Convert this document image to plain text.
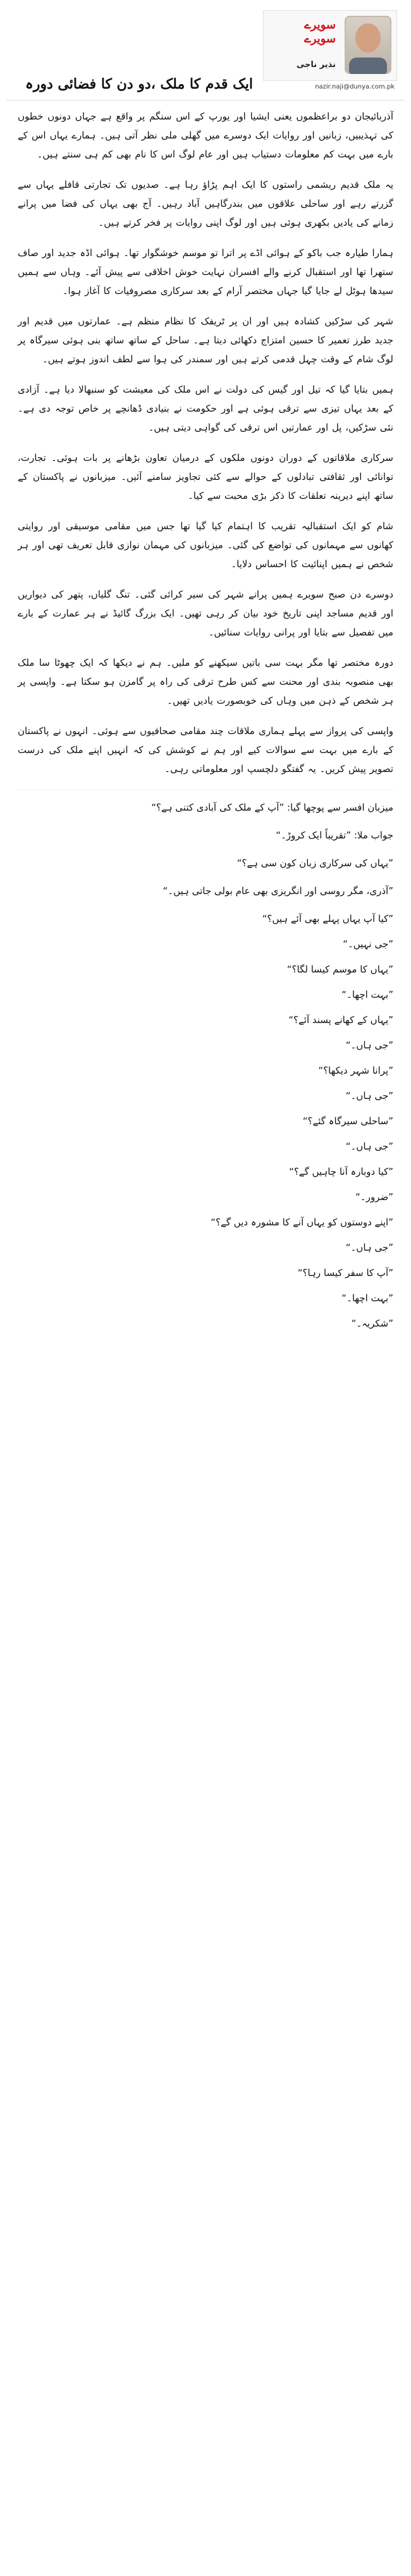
سویرے سویرے
نذیر ناجی
nazir.naji@dunya.com.pk
ایک قدم کا ملک ،دو دن کا فضائی دورہ

آذربائیجان دو براعظموں یعنی ایشیا اور یورپ کے اس سنگم پر واقع ہے جہاں دونوں خطوں کی تہذیبیں، زبانیں اور روایات ایک دوسرے میں گھلی ملی نظر آتی ہیں۔ ہمارے یہاں اس کے بارے میں بہت کم معلومات دستیاب ہیں اور عام لوگ اس کا نام بھی کم ہی سنتے ہیں۔

یہ ملک قدیم ریشمی راستوں کا ایک اہم پڑاؤ رہا ہے۔ صدیوں تک تجارتی قافلے یہاں سے گزرتے رہے اور ساحلی علاقوں میں بندرگاہیں آباد رہیں۔ آج بھی یہاں کی فضا میں پرانے زمانے کی یادیں بکھری ہوئی ہیں اور لوگ اپنی روایات پر فخر کرتے ہیں۔

ہمارا طیارہ جب باکو کے ہوائی اڈے پر اترا تو موسم خوشگوار تھا۔ ہوائی اڈہ جدید اور صاف ستھرا تھا اور استقبال کرنے والے افسران نہایت خوش اخلاقی سے پیش آئے۔ وہاں سے ہمیں سیدھا ہوٹل لے جایا گیا جہاں مختصر آرام کے بعد سرکاری مصروفیات کا آغاز ہوا۔

شہر کی سڑکیں کشادہ ہیں اور ان پر ٹریفک کا نظام منظم ہے۔ عمارتوں میں قدیم اور جدید طرز تعمیر کا حسین امتزاج دکھائی دیتا ہے۔ ساحل کے ساتھ ساتھ بنی ہوئی سیرگاہ پر لوگ شام کے وقت چہل قدمی کرتے ہیں اور سمندر کی ہوا سے لطف اندوز ہوتے ہیں۔

ہمیں بتایا گیا کہ تیل اور گیس کی دولت نے اس ملک کی معیشت کو سنبھالا دیا ہے۔ آزادی کے بعد یہاں تیزی سے ترقی ہوئی ہے اور حکومت نے بنیادی ڈھانچے پر خاص توجہ دی ہے۔ نئی سڑکیں، پل اور عمارتیں اس ترقی کی گواہی دیتی ہیں۔

سرکاری ملاقاتوں کے دوران دونوں ملکوں کے درمیان تعاون بڑھانے پر بات ہوئی۔ تجارت، توانائی اور ثقافتی تبادلوں کے حوالے سے کئی تجاویز سامنے آئیں۔ میزبانوں نے پاکستان کے ساتھ اپنے دیرینہ تعلقات کا ذکر بڑی محبت سے کیا۔

شام کو ایک استقبالیہ تقریب کا اہتمام کیا گیا تھا جس میں مقامی موسیقی اور روایتی کھانوں سے مہمانوں کی تواضع کی گئی۔ میزبانوں کی مہمان نوازی قابل تعریف تھی اور ہر شخص نے ہمیں اپنائیت کا احساس دلایا۔

دوسرے دن صبح سویرے ہمیں پرانے شہر کی سیر کرائی گئی۔ تنگ گلیاں، پتھر کی دیواریں اور قدیم مساجد اپنی تاریخ خود بیان کر رہی تھیں۔ ایک بزرگ گائیڈ نے ہر عمارت کے بارے میں تفصیل سے بتایا اور پرانی روایات سنائیں۔

دورہ مختصر تھا مگر بہت سی باتیں سیکھنے کو ملیں۔ ہم نے دیکھا کہ ایک چھوٹا سا ملک بھی منصوبہ بندی اور محنت سے کس طرح ترقی کی راہ پر گامزن ہو سکتا ہے۔ واپسی پر ہر شخص کے ذہن میں وہاں کی خوبصورت یادیں تھیں۔

واپسی کی پرواز سے پہلے ہماری ملاقات چند مقامی صحافیوں سے ہوئی۔ انہوں نے پاکستان کے بارے میں بہت سے سوالات کیے اور ہم نے کوشش کی کہ انہیں اپنے ملک کی درست تصویر پیش کریں۔ یہ گفتگو دلچسپ اور معلوماتی رہی۔

میزبان افسر سے پوچھا گیا: ”آپ کے ملک کی آبادی کتنی ہے؟“

جواب ملا: ”تقریباً ایک کروڑ۔“

”یہاں کی سرکاری زبان کون سی ہے؟“

”آذری، مگر روسی اور انگریزی بھی عام بولی جاتی ہیں۔“

”کیا آپ یہاں پہلے بھی آئے ہیں؟“

”جی نہیں۔“

”یہاں کا موسم کیسا لگا؟“

”بہت اچھا۔“

”یہاں کے کھانے پسند آئے؟“

”جی ہاں۔“

”پرانا شہر دیکھا؟“

”جی ہاں۔“

”ساحلی سیرگاہ گئے؟“

”جی ہاں۔“

”کیا دوبارہ آنا چاہیں گے؟“

”ضرور۔“

”اپنے دوستوں کو یہاں آنے کا مشورہ دیں گے؟“

”جی ہاں۔“

”آپ کا سفر کیسا رہا؟“

”بہت اچھا۔“

”شکریہ۔“
